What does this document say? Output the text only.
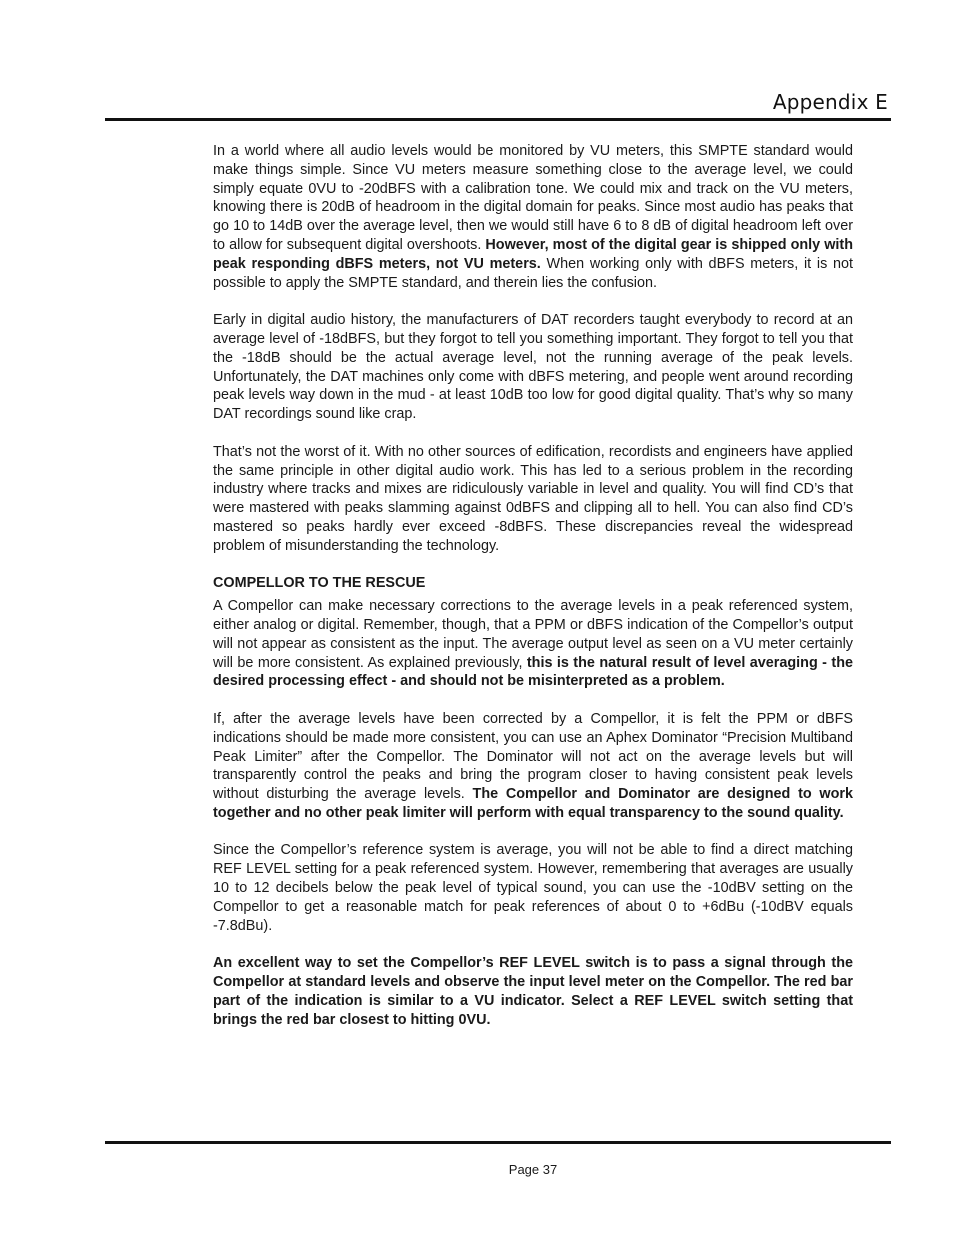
Appendix E

In a world where all audio levels would be monitored by VU meters, this SMPTE standard would make things simple. Since VU meters measure something close to the average level, we could simply equate 0VU to -20dBFS with a calibration tone. We could mix and track on the VU meters, knowing there is 20dB of headroom in the digital domain for peaks. Since most audio has peaks that go 10 to 14dB over the average level, then we would still have 6 to 8 dB of digital headroom left over to allow for subsequent digital overshoots. However, most of the digital gear is shipped only with peak responding dBFS meters, not VU meters. When working only with dBFS meters, it is not possible to apply the SMPTE standard, and therein lies the confusion.

Early in digital audio history, the manufacturers of DAT recorders taught everybody to record at an average level of -18dBFS, but they forgot to tell you something important. They forgot to tell you that the -18dB should be the actual average level, not the running average of the peak levels. Unfortunately, the DAT machines only come with dBFS metering, and people went around recording peak levels way down in the mud - at least 10dB too low for good digital quality. That’s why so many DAT recordings sound like crap.

That’s not the worst of it. With no other sources of edification, recordists and engineers have applied the same principle in other digital audio work. This has led to a serious problem in the recording industry where tracks and mixes are ridiculously variable in level and quality. You will find CD’s that were mastered with peaks slamming against 0dBFS and clipping all to hell. You can also find CD’s mastered so peaks hardly ever exceed -8dBFS. These discrepancies reveal the widespread problem of misunderstanding the technology.

COMPELLOR TO THE RESCUE

A Compellor can make necessary corrections to the average levels in a peak referenced system, either analog or digital. Remember, though, that a PPM or dBFS indication of the Compellor’s output will not appear as consistent as the input. The average output level as seen on a VU meter certainly will be more consistent. As explained previously, this is the natural result of level averaging - the desired processing effect - and should not be misinterpreted as a problem.

If, after the average levels have been corrected by a Compellor, it is felt the PPM or dBFS indications should be made more consistent, you can use an Aphex Dominator “Precision Multiband Peak Limiter” after the Compellor. The Dominator will not act on the average levels but will transparently control the peaks and bring the program closer to having consistent peak levels without disturbing the average levels. The Compellor and Dominator are designed to work together and no other peak limiter will perform with equal transparency to the sound quality.

Since the Compellor’s reference system is average, you will not be able to find a direct matching REF LEVEL setting for a peak referenced system. However, remembering that averages are usually 10 to 12 decibels below the peak level of typical sound, you can use the -10dBV setting on the Compellor to get a reasonable match for peak references of about 0 to +6dBu (-10dBV equals -7.8dBu).

An excellent way to set the Compellor’s REF LEVEL switch is to pass a signal through the Compellor at standard levels and observe the input level meter on the Compellor. The red bar part of the indication is similar to a VU indicator. Select a REF LEVEL switch setting that brings the red bar closest to hitting 0VU.

Page 37
